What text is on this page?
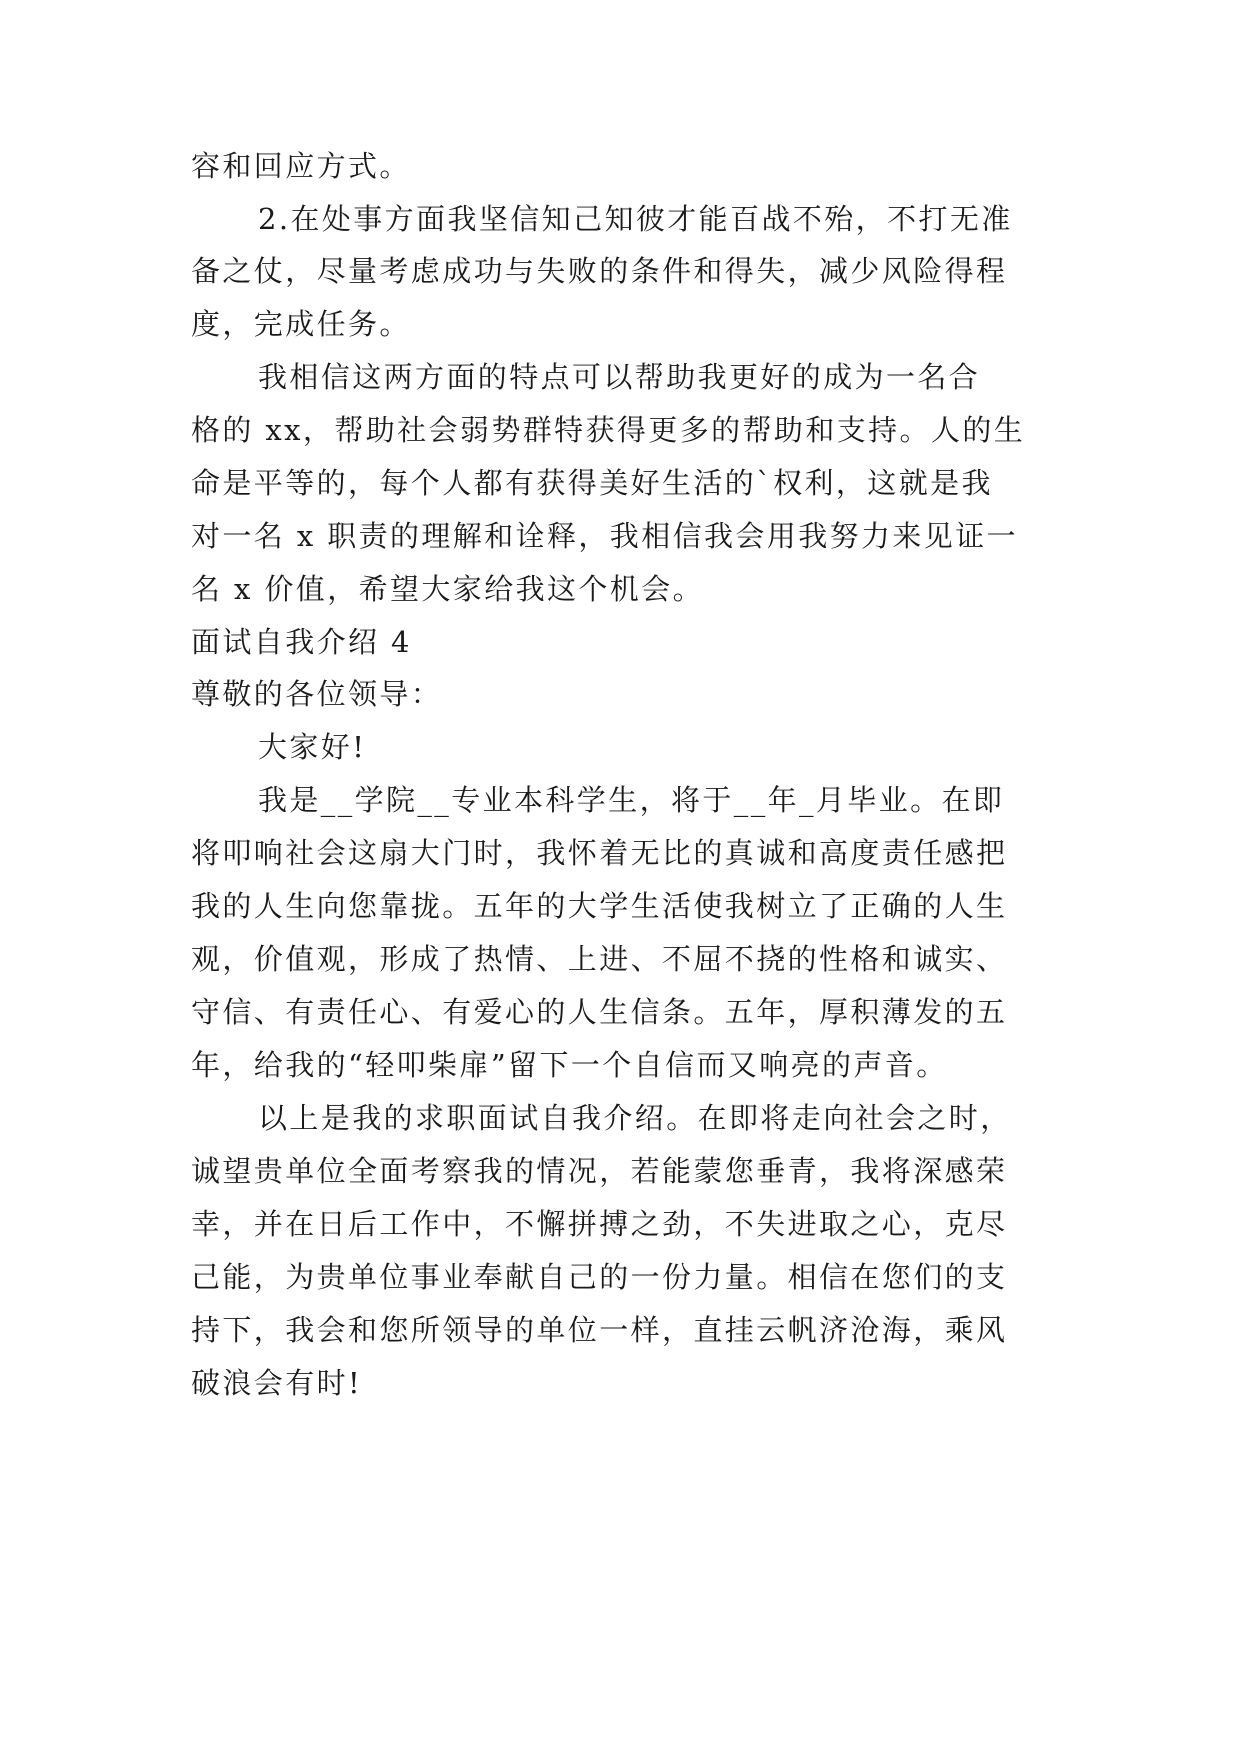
容和回应方式。

2.在处事方面我坚信知己知彼才能百战不殆，不打无准

备之仗，尽量考虑成功与失败的条件和得失，减少风险得程

度，完成任务。

我相信这两方面的特点可以帮助我更好的成为一名合

格的 xx，帮助社会弱势群特获得更多的帮助和支持。人的生

命是平等的，每个人都有获得美好生活的`权利，这就是我

对一名 x 职责的理解和诠释，我相信我会用我努力来见证一

名 x 价值，希望大家给我这个机会。

面试自我介绍 4

尊敬的各位领导：

大家好!

我是__学院__专业本科学生，将于__年_月毕业。在即

将叩响社会这扇大门时，我怀着无比的真诚和高度责任感把

我的人生向您靠拢。五年的大学生活使我树立了正确的人生

观，价值观，形成了热情、上进、不屈不挠的性格和诚实、

守信、有责任心、有爱心的人生信条。五年，厚积薄发的五

年，给我的“轻叩柴扉”留下一个自信而又响亮的声音。

以上是我的求职面试自我介绍。在即将走向社会之时，

诚望贵单位全面考察我的情况，若能蒙您垂青，我将深感荣

幸，并在日后工作中，不懈拼搏之劲，不失进取之心，克尽

己能，为贵单位事业奉献自己的一份力量。相信在您们的支

持下，我会和您所领导的单位一样，直挂云帆济沧海，乘风

破浪会有时!
